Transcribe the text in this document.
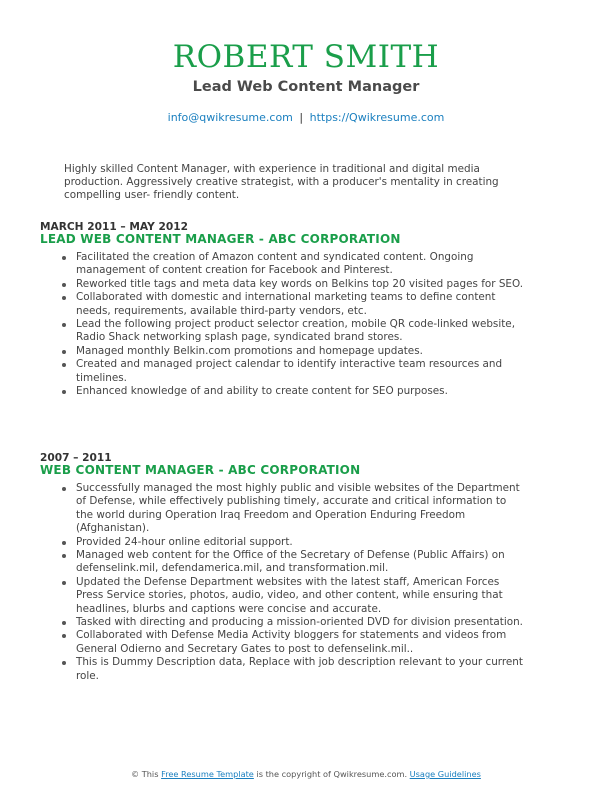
ROBERT SMITH
Lead Web Content Manager
info@qwikresume.com | https://Qwikresume.com
Highly skilled Content Manager, with experience in traditional and digital media production. Aggressively creative strategist, with a producer's mentality in creating compelling user- friendly content.
MARCH 2011 – MAY 2012
LEAD WEB CONTENT MANAGER - ABC CORPORATION
Facilitated the creation of Amazon content and syndicated content. Ongoing management of content creation for Facebook and Pinterest.
Reworked title tags and meta data key words on Belkins top 20 visited pages for SEO.
Collaborated with domestic and international marketing teams to define content needs, requirements, available third-party vendors, etc.
Lead the following project product selector creation, mobile QR code-linked website, Radio Shack networking splash page, syndicated brand stores.
Managed monthly Belkin.com promotions and homepage updates.
Created and managed project calendar to identify interactive team resources and timelines.
Enhanced knowledge of and ability to create content for SEO purposes.
2007 – 2011
WEB CONTENT MANAGER - ABC CORPORATION
Successfully managed the most highly public and visible websites of the Department of Defense, while effectively publishing timely, accurate and critical information to the world during Operation Iraq Freedom and Operation Enduring Freedom (Afghanistan).
Provided 24-hour online editorial support.
Managed web content for the Office of the Secretary of Defense (Public Affairs) on defenselink.mil, defendamerica.mil, and transformation.mil.
Updated the Defense Department websites with the latest staff, American Forces Press Service stories, photos, audio, video, and other content, while ensuring that headlines, blurbs and captions were concise and accurate.
Tasked with directing and producing a mission-oriented DVD for division presentation.
Collaborated with Defense Media Activity bloggers for statements and videos from General Odierno and Secretary Gates to post to defenselink.mil..
This is Dummy Description data, Replace with job description relevant to your current role.
© This Free Resume Template is the copyright of Qwikresume.com. Usage Guidelines
